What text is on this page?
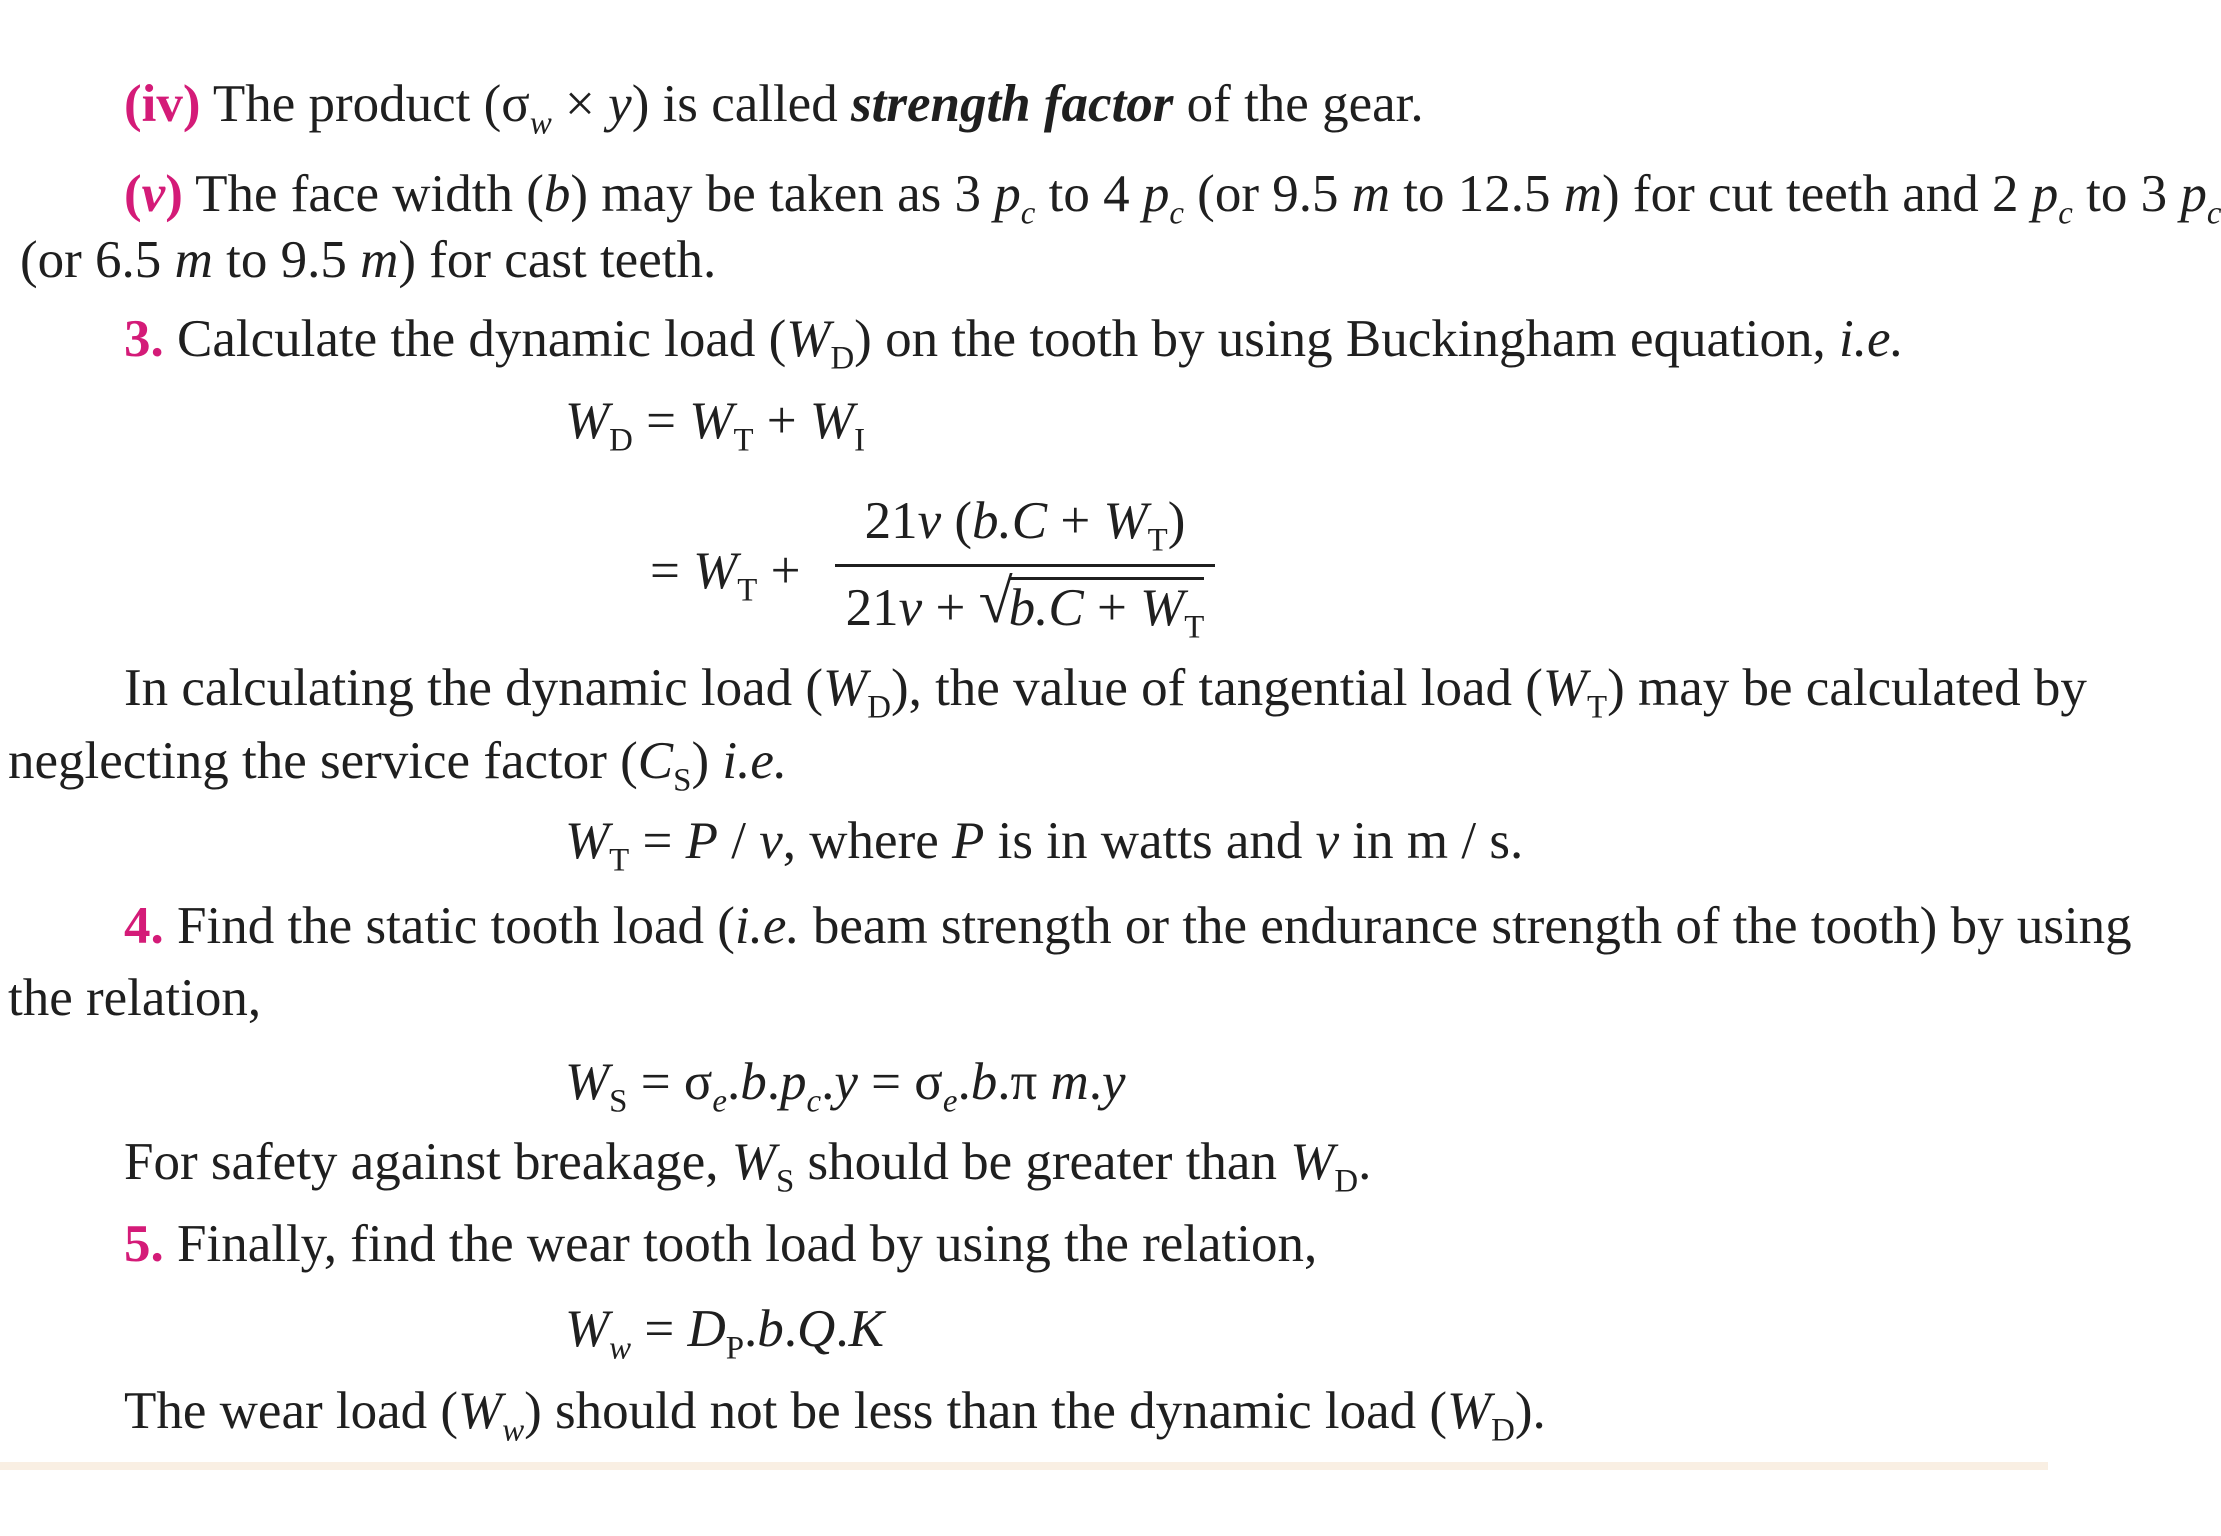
(iv) The product $(\sigma_w \times y)$ is called strength factor of the gear.
(v) The face width (b) may be taken as 3 $p_c$ to 4 $p_c$ (or 9.5 m to 12.5 m) for cut teeth and 2 $p_c$ to 3 $p_c$
(or 6.5 m to 9.5 m) for cast teeth.
3. Calculate the dynamic load $(W_D)$ on the tooth by using Buckingham equation, i.e.
$W_D = W_T + W_I$
= $W_T$ +
21v $(b.C + W_T)$
21v + √
$b.C + W_T$
In calculating the dynamic load $(W_D)$, the value of tangential load $(W_T)$ may be calculated by
neglecting the service factor $(C_S)$ i.e.
$W_T = P / v$, where P is in watts and v in m / s.
4. Find the static tooth load (i.e. beam strength or the endurance strength of the tooth) by using
the relation,
$W_S = \sigma_e.b.p_c.y = \sigma_e.b.\pi$ m.y
For safety against breakage, $W_S$ should be greater than $W_D$.
5. Finally, find the wear tooth load by using the relation,
$W_w = D_P.b.Q.K$
The wear load $(W_w)$ should not be less than the dynamic load $(W_D)$.
